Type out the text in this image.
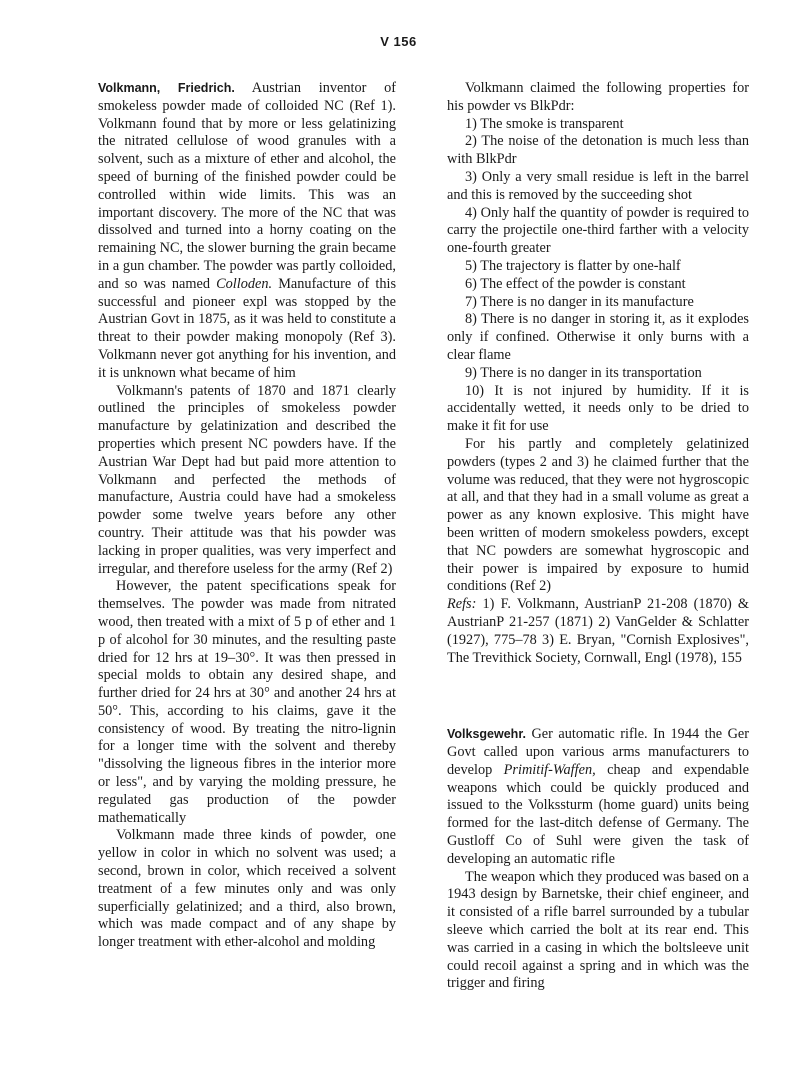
V 156

Volkmann, Friedrich. Austrian inventor of smokeless powder made of colloided NC (Ref 1). Volkmann found that by more or less gelatinizing the nitrated cellulose of wood granules with a solvent, such as a mixture of ether and alcohol, the speed of burning of the finished powder could be controlled within wide limits. This was an important discovery. The more of the NC that was dissolved and turned into a horny coating on the remaining NC, the slower burning the grain became in a gun chamber. The powder was partly colloided, and so was named Colloden. Manufacture of this successful and pioneer expl was stopped by the Austrian Govt in 1875, as it was held to constitute a threat to their powder making monopoly (Ref 3). Volkmann never got anything for his invention, and it is unknown what became of him

Volkmann's patents of 1870 and 1871 clearly outlined the principles of smokeless powder manufacture by gelatinization and described the properties which present NC powders have. If the Austrian War Dept had but paid more attention to Volkmann and perfected the methods of manufacture, Austria could have had a smokeless powder some twelve years before any other country. Their attitude was that his powder was lacking in proper qualities, was very imperfect and irregular, and therefore useless for the army (Ref 2)

However, the patent specifications speak for themselves. The powder was made from nitrated wood, then treated with a mixt of 5 p of ether and 1 p of alcohol for 30 minutes, and the resulting paste dried for 12 hrs at 19–30°. It was then pressed in special molds to obtain any desired shape, and further dried for 24 hrs at 30° and another 24 hrs at 50°. This, according to his claims, gave it the consistency of wood. By treating the nitro-lignin for a longer time with the solvent and thereby "dissolving the ligneous fibres in the interior more or less", and by varying the molding pressure, he regulated gas production of the powder mathematically

Volkmann made three kinds of powder, one yellow in color in which no solvent was used; a second, brown in color, which received a solvent treatment of a few minutes only and was only superficially gelatinized; and a third, also brown, which was made compact and of any shape by longer treatment with ether-alcohol and molding

Volkmann claimed the following properties for his powder vs BlkPdr:

1) The smoke is transparent

2) The noise of the detonation is much less than with BlkPdr

3) Only a very small residue is left in the barrel and this is removed by the succeeding shot

4) Only half the quantity of powder is required to carry the projectile one-third farther with a velocity one-fourth greater

5) The trajectory is flatter by one-half

6) The effect of the powder is constant

7) There is no danger in its manufacture

8) There is no danger in storing it, as it explodes only if confined. Otherwise it only burns with a clear flame

9) There is no danger in its transportation

10) It is not injured by humidity. If it is accidentally wetted, it needs only to be dried to make it fit for use

For his partly and completely gelatinized powders (types 2 and 3) he claimed further that the volume was reduced, that they were not hygroscopic at all, and that they had in a small volume as great a power as any known explosive. This might have been written of modern smokeless powders, except that NC powders are somewhat hygroscopic and their power is impaired by exposure to humid conditions (Ref 2)

Refs: 1) F. Volkmann, AustrianP 21-208 (1870) & AustrianP 21-257 (1871) 2) VanGelder & Schlatter (1927), 775–78 3) E. Bryan, "Cornish Explosives", The Trevithick Society, Cornwall, Engl (1978), 155

Volksgewehr. Ger automatic rifle. In 1944 the Ger Govt called upon various arms manufacturers to develop Primitif-Waffen, cheap and expendable weapons which could be quickly produced and issued to the Volkssturm (home guard) units being formed for the last-ditch defense of Germany. The Gustloff Co of Suhl were given the task of developing an automatic rifle

The weapon which they produced was based on a 1943 design by Barnetske, their chief engineer, and it consisted of a rifle barrel surrounded by a tubular sleeve which carried the bolt at its rear end. This was carried in a casing in which the boltsleeve unit could recoil against a spring and in which was the trigger and firing
